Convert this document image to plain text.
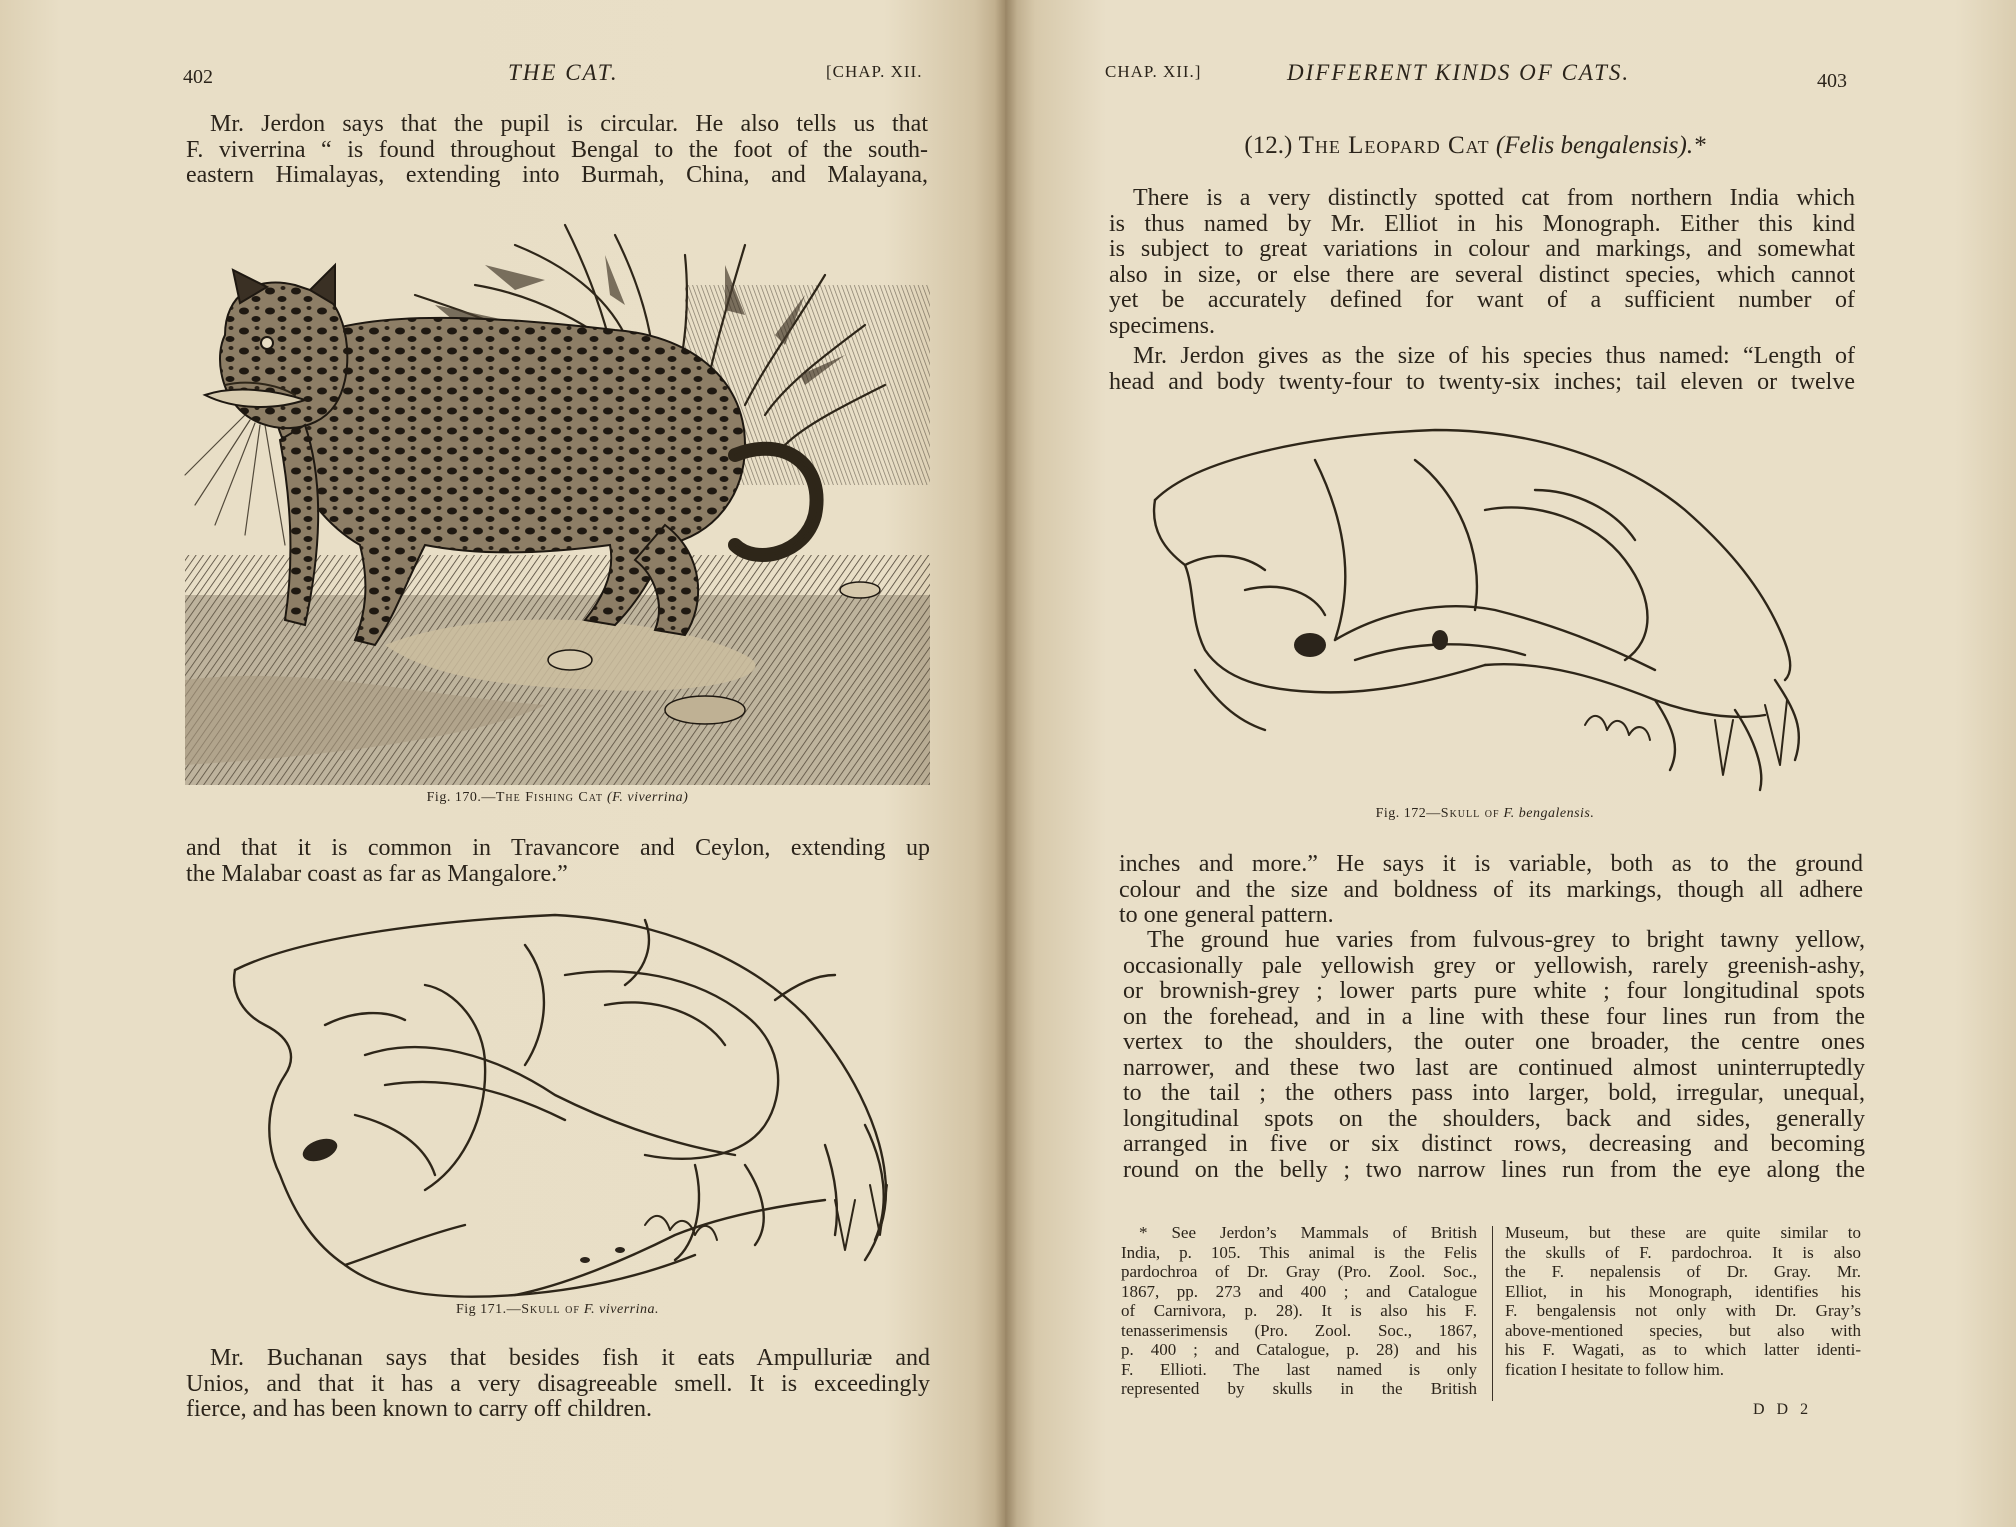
402	THE CAT.	[CHAP. XII.
Mr. Jerdon says that the pupil is circular. He also tells us that
F. viverrina “ is found throughout Bengal to the foot of the south-
eastern Himalayas, extending into Burmah, China, and Malayana,
Fig. 170.—The Fishing Cat (F. viverrina)
and that it is common in Travancore and Ceylon, extending up
the Malabar coast as far as Mangalore.”
Fig 171.—Skull of F. viverrina.
Mr. Buchanan says that besides fish it eats Ampulluriæ and
Unios, and that it has a very disagreeable smell. It is exceedingly
fierce, and has been known to carry off children.
CHAP. XII.]	DIFFERENT KINDS OF CATS.	403
(12.) The Leopard Cat (Felis bengalensis).*
There is a very distinctly spotted cat from northern India which
is thus named by Mr. Elliot in his Monograph. Either this kind
is subject to great variations in colour and markings, and somewhat
also in size, or else there are several distinct species, which cannot
yet be accurately defined for want of a sufficient number of
specimens.
Mr. Jerdon gives as the size of his species thus named: “Length of
head and body twenty-four to twenty-six inches; tail eleven or twelve
Fig. 172—Skull of F. bengalensis.
inches and more.” He says it is variable, both as to the ground
colour and the size and boldness of its markings, though all adhere
to one general pattern.
The ground hue varies from fulvous-grey to bright tawny yellow,
occasionally pale yellowish grey or yellowish, rarely greenish-ashy,
or brownish-grey ; lower parts pure white ; four longitudinal spots
on the forehead, and in a line with these four lines run from the
vertex to the shoulders, the outer one broader, the centre ones
narrower, and these two last are continued almost uninterruptedly
to the tail ; the others pass into larger, bold, irregular, unequal,
longitudinal spots on the shoulders, back and sides, generally
arranged in five or six distinct rows, decreasing and becoming
round on the belly ; two narrow lines run from the eye along the
* See Jerdon’s Mammals of British
India, p. 105. This animal is the Felis
pardochroa of Dr. Gray (Pro. Zool. Soc.,
1867, pp. 273 and 400 ; and Catalogue
of Carnivora, p. 28). It is also his F.
tenasserimensis (Pro. Zool. Soc., 1867,
p. 400 ; and Catalogue, p. 28) and his
F. Ellioti. The last named is only
represented by skulls in the British
Museum, but these are quite similar to
the skulls of F. pardochroa. It is also
the F. nepalensis of Dr. Gray. Mr.
Elliot, in his Monograph, identifies his
F. bengalensis not only with Dr. Gray’s
above-mentioned species, but also with
his F. Wagati, as to which latter identi-
fication I hesitate to follow him.
D D 2
